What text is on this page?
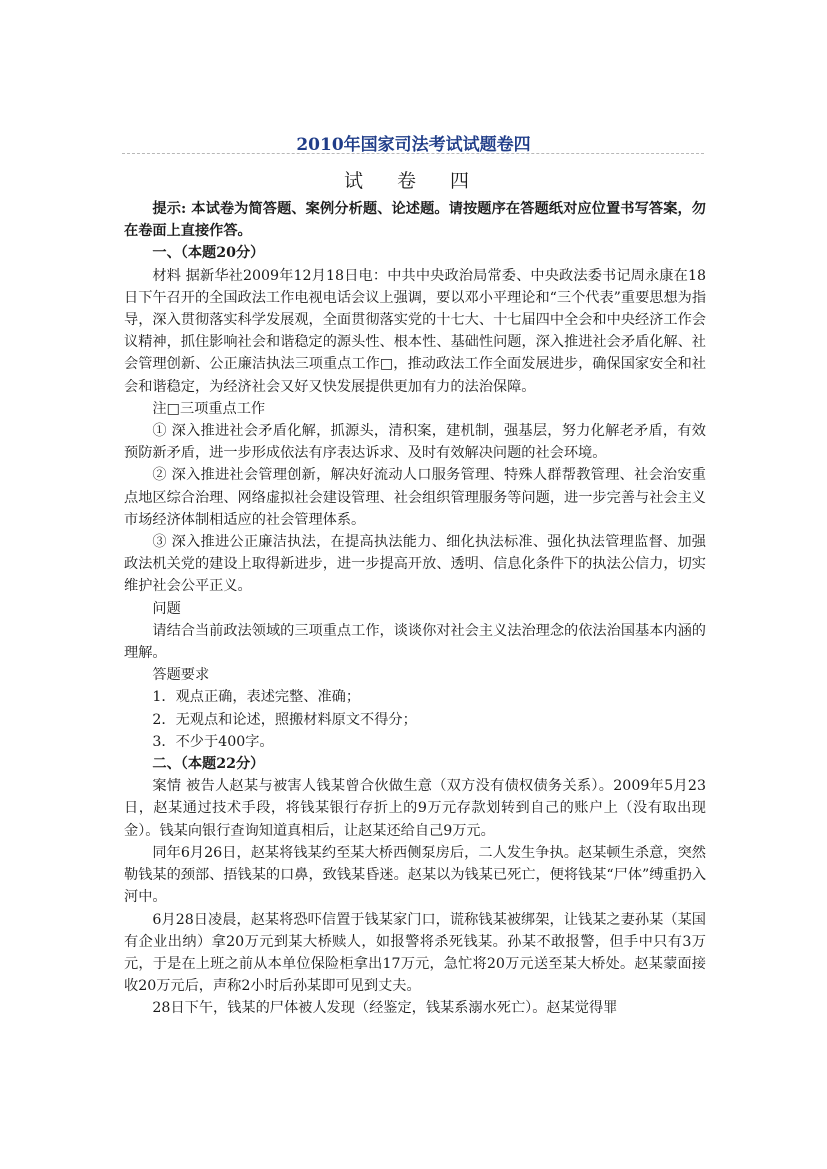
2010年国家司法考试试题卷四
试 卷 四

提示: 本试卷为简答题、案例分析题、论述题。请按题序在答题纸对应位置书写答案，勿在卷面上直接作答。

一、（本题20分）

材料 据新华社2009年12月18日电：中共中央政治局常委、中央政法委书记周永康在18日下午召开的全国政法工作电视电话会议上强调，要以邓小平理论和“三个代表”重要思想为指导，深入贯彻落实科学发展观，全面贯彻落实党的十七大、十七届四中全会和中央经济工作会议精神，抓住影响社会和谐稳定的源头性、根本性、基础性问题，深入推进社会矛盾化解、社会管理创新、公正廉洁执法三项重点工作□，推动政法工作全面发展进步，确保国家安全和社会和谐稳定，为经济社会又好又快发展提供更加有力的法治保障。

注□三项重点工作

① 深入推进社会矛盾化解，抓源头，清积案，建机制，强基层，努力化解老矛盾，有效预防新矛盾，进一步形成依法有序表达诉求、及时有效解决问题的社会环境。

② 深入推进社会管理创新，解决好流动人口服务管理、特殊人群帮教管理、社会治安重点地区综合治理、网络虚拟社会建设管理、社会组织管理服务等问题，进一步完善与社会主义市场经济体制相适应的社会管理体系。

③ 深入推进公正廉洁执法，在提高执法能力、细化执法标准、强化执法管理监督、加强政法机关党的建设上取得新进步，进一步提高开放、透明、信息化条件下的执法公信力，切实维护社会公平正义。

问题

请结合当前政法领域的三项重点工作，谈谈你对社会主义法治理念的依法治国基本内涵的理解。

答题要求

1．观点正确，表述完整、准确；

2．无观点和论述，照搬材料原文不得分；

3．不少于400字。

二、（本题22分）

案情 被告人赵某与被害人钱某曾合伙做生意（双方没有债权债务关系）。2009年5月23日，赵某通过技术手段，将钱某银行存折上的9万元存款划转到自己的账户上（没有取出现金）。钱某向银行查询知道真相后，让赵某还给自己9万元。

同年6月26日，赵某将钱某约至某大桥西侧泵房后，二人发生争执。赵某顿生杀意，突然勒钱某的颈部、捂钱某的口鼻，致钱某昏迷。赵某以为钱某已死亡，便将钱某“尸体”缚重扔入河中。

6月28日凌晨，赵某将恐吓信置于钱某家门口，谎称钱某被绑架，让钱某之妻孙某（某国有企业出纳）拿20万元到某大桥赎人，如报警将杀死钱某。孙某不敢报警，但手中只有3万元，于是在上班之前从本单位保险柜拿出17万元，急忙将20万元送至某大桥处。赵某蒙面接收20万元后，声称2小时后孙某即可见到丈夫。

28日下午，钱某的尸体被人发现（经鉴定，钱某系溺水死亡）。赵某觉得罪
